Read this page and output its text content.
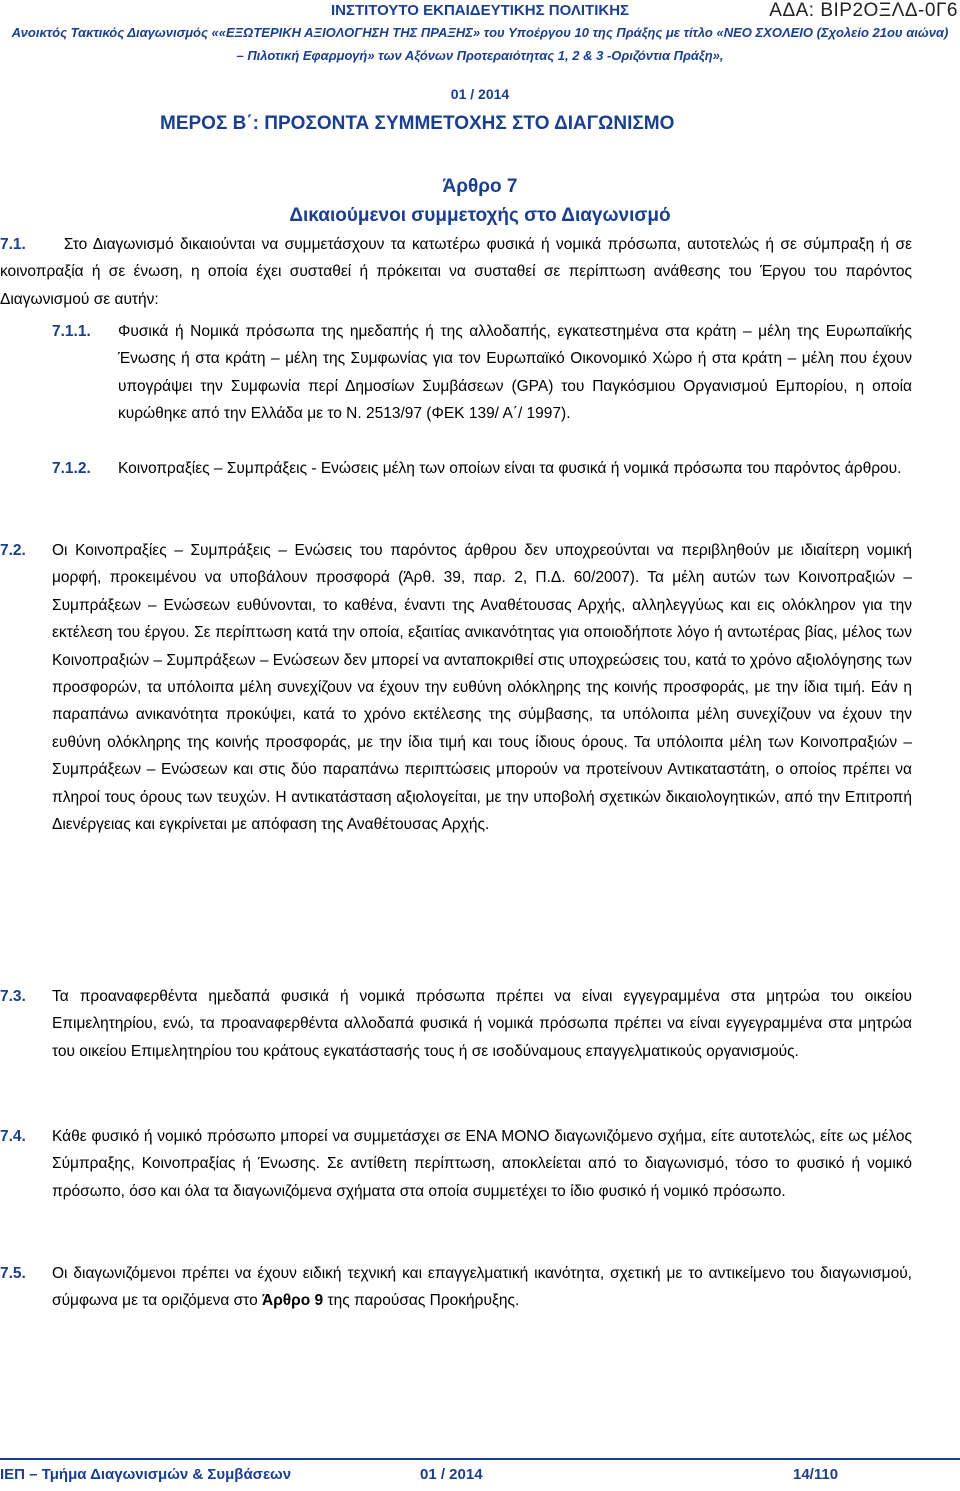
ΙΝΣΤΙΤΟΥΤΟ ΕΚΠΑΙΔΕΥΤΙΚΗΣ ΠΟΛΙΤΙΚΗΣ	ΑΔΑ: ΒΙΡ2ΟΞΛΔ-0Γ6
Ανοικτός Τακτικός Διαγωνισμός ««ΕΞΩΤΕΡΙΚΗ ΑΞΙΟΛΟΓΗΣΗ ΤΗΣ ΠΡΑΞΗΣ» του Υποέργου 10 της Πράξης με τίτλο «ΝΕΟ ΣΧΟΛΕΙΟ (Σχολείο 21ου αιώνα) – Πιλοτική Εφαρμογή» των Αξόνων Προτεραιότητας 1, 2 & 3 -Οριζόντια Πράξη»,
01 / 2014
ΜΕΡΟΣ Β΄: ΠΡΟΣΟΝΤΑ ΣΥΜΜΕΤΟΧΗΣ ΣΤΟ ΔΙΑΓΩΝΙΣΜΟ
Άρθρο 7
Δικαιούμενοι συμμετοχής στο Διαγωνισμό
7.1. Στο Διαγωνισμό δικαιούνται να συμμετάσχουν τα κατωτέρω φυσικά ή νομικά πρόσωπα, αυτοτελώς ή σε σύμπραξη ή σε κοινοπραξία ή σε ένωση, η οποία έχει συσταθεί ή πρόκειται να συσταθεί σε περίπτωση ανάθεσης του Έργου του παρόντος Διαγωνισμού σε αυτήν:
7.1.1. Φυσικά ή Νομικά πρόσωπα της ημεδαπής ή της αλλοδαπής, εγκατεστημένα στα κράτη – μέλη της Ευρωπαϊκής Ένωσης ή στα κράτη – μέλη της Συμφωνίας για τον Ευρωπαϊκό Οικονομικό Χώρο ή στα κράτη – μέλη που έχουν υπογράψει την Συμφωνία περί Δημοσίων Συμβάσεων (GPA) του Παγκόσμιου Οργανισμού Εμπορίου, η οποία κυρώθηκε από την Ελλάδα με το Ν. 2513/97 (ΦΕΚ 139/ Α΄/ 1997).
7.1.2. Κοινοπραξίες – Συμπράξεις - Ενώσεις μέλη των οποίων είναι τα φυσικά ή νομικά πρόσωπα του παρόντος άρθρου.
7.2. Οι Κοινοπραξίες – Συμπράξεις – Ενώσεις του παρόντος άρθρου δεν υποχρεούνται να περιβληθούν με ιδιαίτερη νομική μορφή, προκειμένου να υποβάλουν προσφορά (Άρθ. 39, παρ. 2, Π.Δ. 60/2007). Τα μέλη αυτών των Κοινοπραξιών – Συμπράξεων – Ενώσεων ευθύνονται, το καθένα, έναντι της Αναθέτουσας Αρχής, αλληλεγγύως και εις ολόκληρον για την εκτέλεση του έργου. Σε περίπτωση κατά την οποία, εξαιτίας ανικανότητας για οποιοδήποτε λόγο ή αντωτέρας βίας, μέλος των Κοινοπραξιών – Συμπράξεων – Ενώσεων δεν μπορεί να ανταποκριθεί στις υποχρεώσεις του, κατά το χρόνο αξιολόγησης των προσφορών, τα υπόλοιπα μέλη συνεχίζουν να έχουν την ευθύνη ολόκληρης της κοινής προσφοράς, με την ίδια τιμή. Εάν η παραπάνω ανικανότητα προκύψει, κατά το χρόνο εκτέλεσης της σύμβασης, τα υπόλοιπα μέλη συνεχίζουν να έχουν την ευθύνη ολόκληρης της κοινής προσφοράς, με την ίδια τιμή και τους ίδιους όρους. Τα υπόλοιπα μέλη των Κοινοπραξιών – Συμπράξεων – Ενώσεων και στις δύο παραπάνω περιπτώσεις μπορούν να προτείνουν Αντικαταστάτη, ο οποίος πρέπει να πληροί τους όρους των τευχών. Η αντικατάσταση αξιολογείται, με την υποβολή σχετικών δικαιολογητικών, από την Επιτροπή Διενέργειας και εγκρίνεται με απόφαση της Αναθέτουσας Αρχής.
7.3. Τα προαναφερθέντα ημεδαπά φυσικά ή νομικά πρόσωπα πρέπει να είναι εγγεγραμμένα στα μητρώα του οικείου Επιμελητηρίου, ενώ, τα προαναφερθέντα αλλοδαπά φυσικά ή νομικά πρόσωπα πρέπει να είναι εγγεγραμμένα στα μητρώα του οικείου Επιμελητηρίου του κράτους εγκατάστασής τους ή σε ισοδύναμους επαγγελματικούς οργανισμούς.
7.4. Κάθε φυσικό ή νομικό πρόσωπο μπορεί να συμμετάσχει σε ΕΝΑ ΜΟΝΟ διαγωνιζόμενο σχήμα, είτε αυτοτελώς, είτε ως μέλος Σύμπραξης, Κοινοπραξίας ή Ένωσης. Σε αντίθετη περίπτωση, αποκλείεται από το διαγωνισμό, τόσο το φυσικό ή νομικό πρόσωπο, όσο και όλα τα διαγωνιζόμενα σχήματα στα οποία συμμετέχει το ίδιο φυσικό ή νομικό πρόσωπο.
7.5. Οι διαγωνιζόμενοι πρέπει να έχουν ειδική τεχνική και επαγγελματική ικανότητα, σχετική με το αντικείμενο του διαγωνισμού, σύμφωνα με τα οριζόμενα στο Άρθρο 9 της παρούσας Προκήρυξης.
ΙΕΠ – Τμήμα Διαγωνισμών & Συμβάσεων	01 / 2014	14/110
